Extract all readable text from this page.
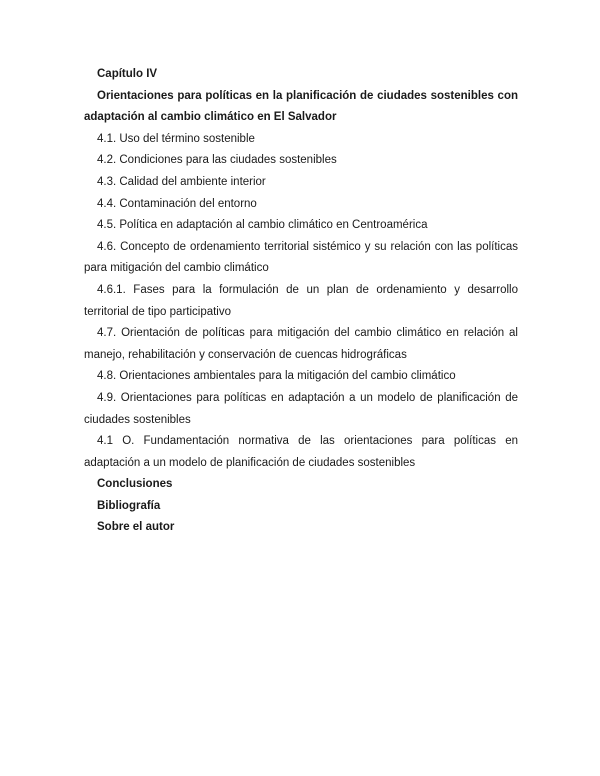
Capítulo IV

Orientaciones para políticas en la planificación de ciudades sostenibles con adaptación al cambio climático en El Salvador

4.1. Uso del término sostenible

4.2. Condiciones para las ciudades sostenibles

4.3. Calidad del ambiente interior

4.4. Contaminación del entorno

4.5. Política en adaptación al cambio climático en Centroamérica

4.6. Concepto de ordenamiento territorial sistémico y su relación con las políticas para mitigación del cambio climático

4.6.1. Fases para la formulación de un plan de ordenamiento y desarrollo territorial de tipo participativo

4.7. Orientación de políticas para mitigación del cambio climático en relación al manejo, rehabilitación y conservación de cuencas hidrográficas

4.8. Orientaciones ambientales para la mitigación del cambio climático

4.9. Orientaciones para políticas en adaptación a un modelo de planificación de ciudades sostenibles

4.1 O. Fundamentación normativa de las orientaciones para políticas en adaptación a un modelo de planificación de ciudades sostenibles

Conclusiones

Bibliografía

Sobre el autor
